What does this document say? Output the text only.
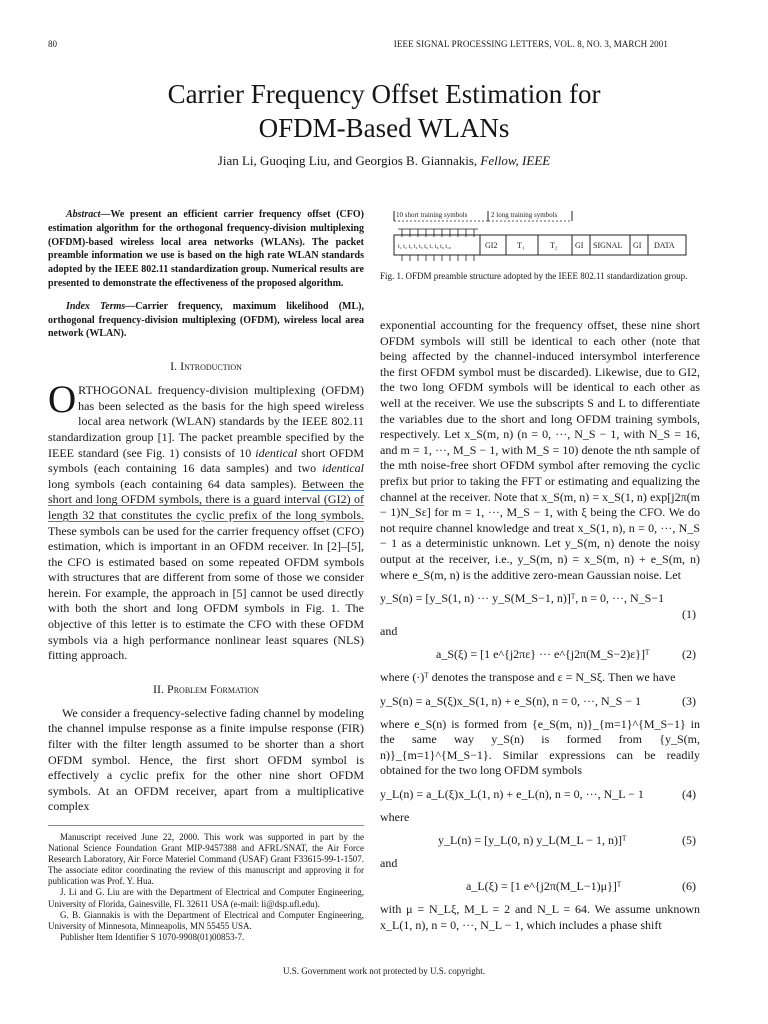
80	IEEE SIGNAL PROCESSING LETTERS, VOL. 8, NO. 3, MARCH 2001
Carrier Frequency Offset Estimation for
OFDM-Based WLANs
Jian Li, Guoqing Liu, and Georgios B. Giannakis, Fellow, IEEE

Abstract—We present an efficient carrier frequency offset (CFO) estimation algorithm for the orthogonal frequency-division multiplexing (OFDM)-based wireless local area networks (WLANs). The packet preamble information we use is based on the high rate WLAN standards adopted by the IEEE 802.11 standardization group. Numerical results are presented to demonstrate the effectiveness of the proposed algorithm.

Index Terms—Carrier frequency, maximum likelihood (ML), orthogonal frequency-division multiplexing (OFDM), wireless local area network (WLAN).

I. Introduction

ORTHOGONAL frequency-division multiplexing (OFDM) has been selected as the basis for the high speed wireless local area network (WLAN) standards by the IEEE 802.11 standardization group [1]. The packet preamble specified by the IEEE standard (see Fig. 1) consists of 10 identical short OFDM symbols (each containing 16 data samples) and two identical long symbols (each containing 64 data samples). Between the short and long OFDM symbols, there is a guard interval (GI2) of length 32 that constitutes the cyclic prefix of the long symbols. These symbols can be used for the carrier frequency offset (CFO) estimation, which is important in an OFDM receiver. In [2]–[5], the CFO is estimated based on some repeated OFDM symbols with structures that are different from some of those we consider herein. For example, the approach in [5] cannot be used directly with both the short and long OFDM symbols in Fig. 1. The objective of this letter is to estimate the CFO with these OFDM symbols via a high performance nonlinear least squares (NLS) fitting approach.

II. Problem Formation

We consider a frequency-selective fading channel by modeling the channel impulse response as a finite impulse response (FIR) filter with the filter length assumed to be shorter than a short OFDM symbol. Hence, the first short OFDM symbol is effectively a cyclic prefix for the other nine short OFDM symbols. At an OFDM receiver, apart from a multiplicative complex

Manuscript received June 22, 2000. This work was supported in part by the National Science Foundation Grant MIP-9457388 and AFRL/SNAT, the Air Force Research Laboratory, Air Force Materiel Command (USAF) Grant F33615-99-1-1507. The associate editor coordinating the review of this manuscript and approving it for publication was Prof. Y. Hua.

J. Li and G. Liu are with the Department of Electrical and Computer Engineering, University of Florida, Gainesville, FL 32611 USA (e-mail: li@dsp.ufl.edu).

G. B. Giannakis is with the Department of Electrical and Computer Engineering, University of Minnesota, Minneapolis, MN 55455 USA.

Publisher Item Identifier S 1070-9908(01)00853-7.

10 short training symbols	2 long training symbols
t₁ t₂ t₃ t₄ t₅ t₆ t₇ t₈ t₉ t₁₀	GI2 T₁	T₂ GI SIGNAL GI DATA
Fig. 1. OFDM preamble structure adopted by the IEEE 802.11 standardization group.

exponential accounting for the frequency offset, these nine short OFDM symbols will still be identical to each other (note that being affected by the channel-induced intersymbol interference the first OFDM symbol must be discarded). Likewise, due to GI2, the two long OFDM symbols will be identical to each other as well at the receiver. We use the subscripts S and L to differentiate the variables due to the short and long OFDM training symbols, respectively. Let x_S(m, n) (n = 0, ···, N_S − 1, with N_S = 16, and m = 1, ···, M_S − 1, with M_S = 10) denote the nth sample of the mth noise-free short OFDM symbol after removing the cyclic prefix but prior to taking the FFT or estimating and equalizing the channel at the receiver. Note that x_S(m, n) = x_S(1, n) exp[j2π(m − 1)N_Sε] for m = 1, ···, M_S − 1, with ξ being the CFO. We do not require channel knowledge and treat x_S(1, n), n = 0, ···, N_S − 1 as a deterministic unknown. Let y_S(m, n) denote the noisy output at the receiver, i.e., y_S(m, n) = x_S(m, n) + e_S(m, n) where e_S(m, n) is the additive zero-mean Gaussian noise. Let

y_S(n) = [y_S(1, n) ··· y_S(M_S−1, n)]ᵀ, n = 0, ···, N_S−1
(1)
and
a_S(ξ) = [1 e^{j2πε} ··· e^{j2π(M_S−2)ε}]ᵀ	(2)

where (·)ᵀ denotes the transpose and ε = N_Sξ. Then we have

y_S(n) = a_S(ξ)x_S(1, n) + e_S(n), n = 0, ···, N_S − 1	(3)

where e_S(n) is formed from {e_S(m, n)}_{m=1}^{M_S−1} in the same way y_S(n) is formed from {y_S(m, n)}_{m=1}^{M_S−1}. Similar expressions can be readily obtained for the two long OFDM symbols

y_L(n) = a_L(ξ)x_L(1, n) + e_L(n), n = 0, ···, N_L − 1	(4)
where
y_L(n) = [y_L(0, n) y_L(M_L − 1, n)]ᵀ	(5)
and
a_L(ξ) = [1 e^{j2π(M_L−1)μ}]ᵀ	(6)

with μ = N_Lξ, M_L = 2 and N_L = 64. We assume unknown x_L(1, n), n = 0, ···, N_L − 1, which includes a phase shift

U.S. Government work not protected by U.S. copyright.
